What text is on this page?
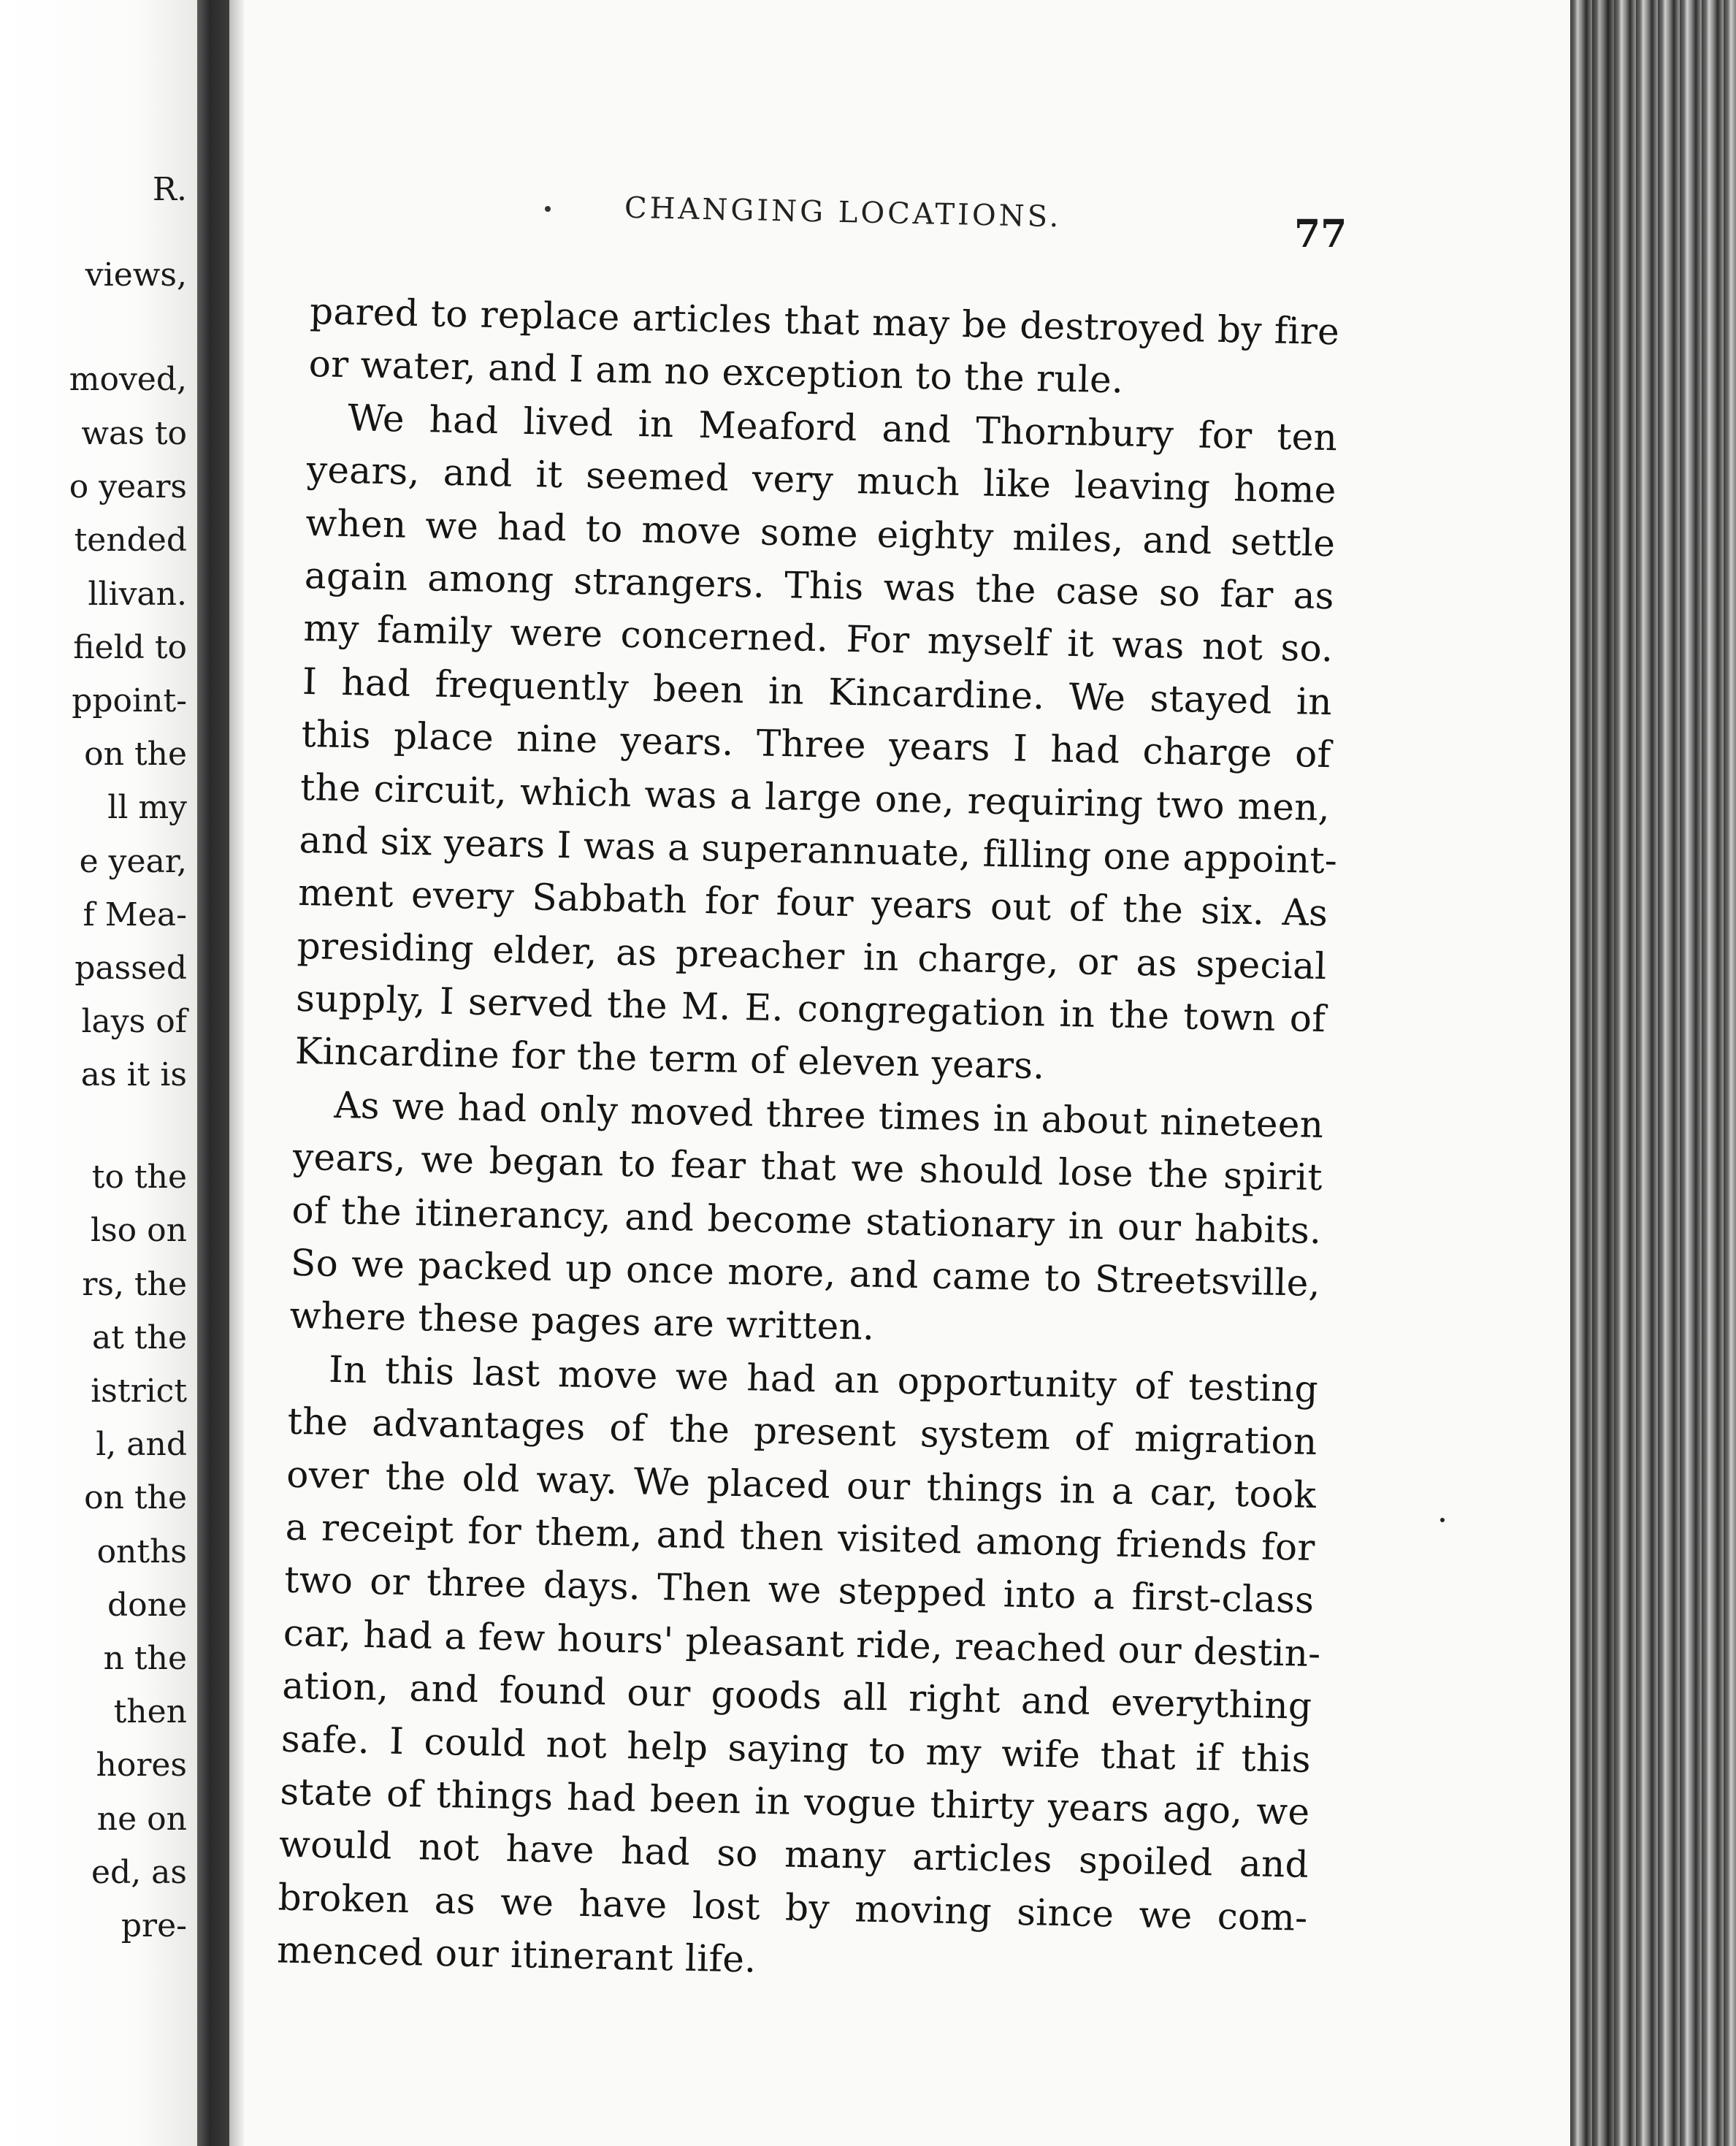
R.
views,
moved,
was to
o years
tended
llivan.
field to
ppoint-
on the
ll my
e year,
f Mea-
passed
lays of
as it is
to the
lso on
rs, the
at the
istrict
l, and
on the
onths
done
n the
then
hores
ne on
ed, as
pre-
CHANGING LOCATIONS.	77
pared to replace articles that may be destroyed by fire
or water, and I am no exception to the rule.
We had lived in Meaford and Thornbury for ten
years, and it seemed very much like leaving home
when we had to move some eighty miles, and settle
again among strangers. This was the case so far as
my family were concerned. For myself it was not so.
I had frequently been in Kincardine. We stayed in
this place nine years. Three years I had charge of
the circuit, which was a large one, requiring two men,
and six years I was a superannuate, filling one appoint-
ment every Sabbath for four years out of the six. As
presiding elder, as preacher in charge, or as special
supply, I served the M. E. congregation in the town of
Kincardine for the term of eleven years.
As we had only moved three times in about nineteen
years, we began to fear that we should lose the spirit
of the itinerancy, and become stationary in our habits.
So we packed up once more, and came to Streetsville,
where these pages are written.
In this last move we had an opportunity of testing
the advantages of the present system of migration
over the old way. We placed our things in a car, took
a receipt for them, and then visited among friends for
two or three days. Then we stepped into a first-class
car, had a few hours' pleasant ride, reached our destin-
ation, and found our goods all right and everything
safe. I could not help saying to my wife that if this
state of things had been in vogue thirty years ago, we
would not have had so many articles spoiled and
broken as we have lost by moving since we com-
menced our itinerant life.
